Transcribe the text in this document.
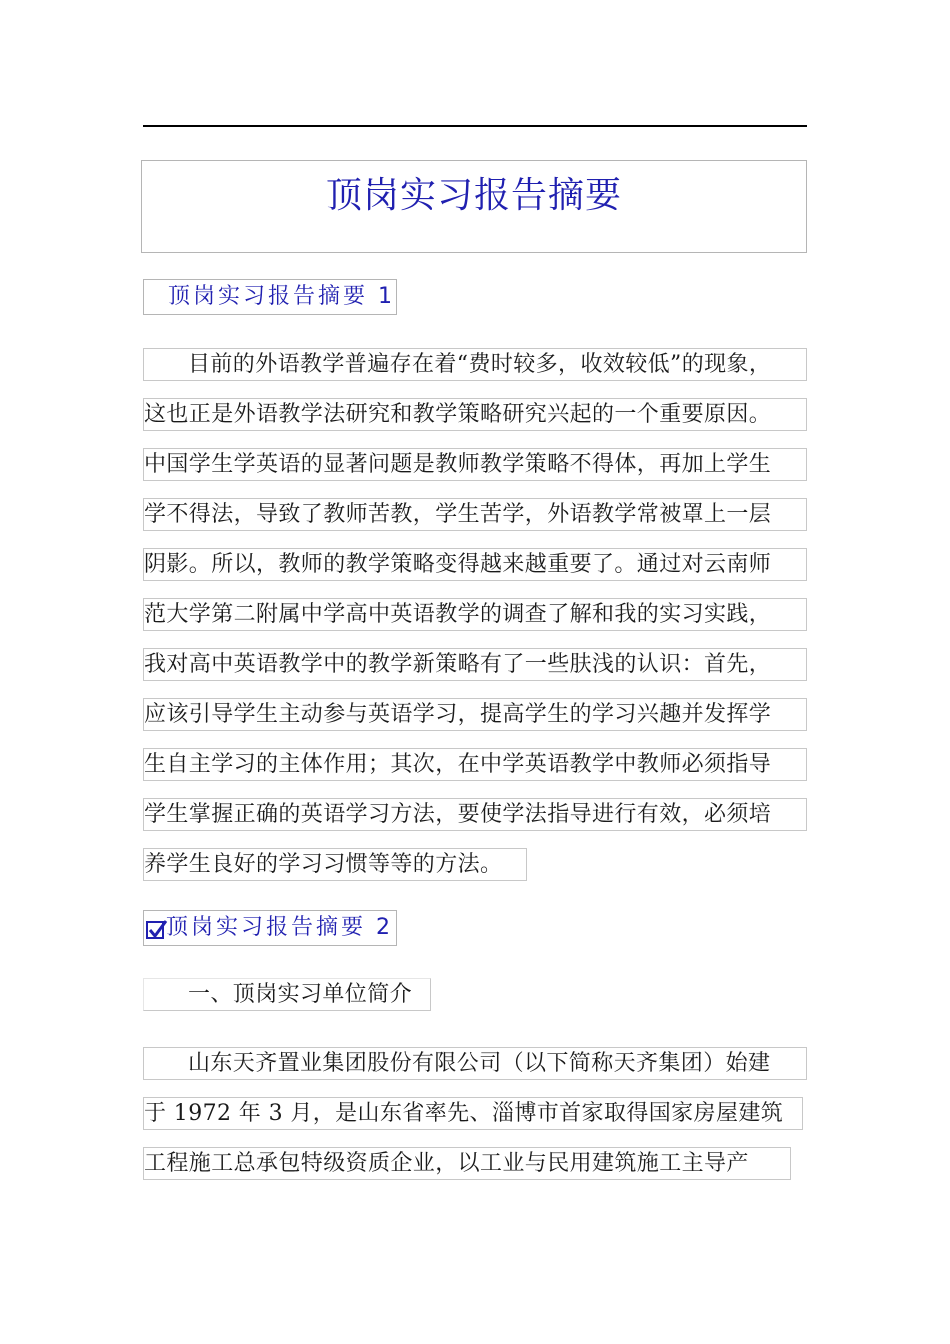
顶岗实习报告摘要
顶岗实习报告摘要 1
目前的外语教学普遍存在着“费时较多，收效较低”的现象，
这也正是外语教学法研究和教学策略研究兴起的一个重要原因。
中国学生学英语的显著问题是教师教学策略不得体，再加上学生
学不得法，导致了教师苦教，学生苦学，外语教学常被罩上一层
阴影。所以，教师的教学策略变得越来越重要了。通过对云南师
范大学第二附属中学高中英语教学的调查了解和我的实习实践，
我对高中英语教学中的教学新策略有了一些肤浅的认识：首先，
应该引导学生主动参与英语学习，提高学生的学习兴趣并发挥学
生自主学习的主体作用；其次，在中学英语教学中教师必须指导
学生掌握正确的英语学习方法，要使学法指导进行有效，必须培
养学生良好的学习习惯等等的方法。
顶岗实习报告摘要 2
一、顶岗实习单位简介
山东天齐置业集团股份有限公司（以下简称天齐集团）始建
于 1972 年 3 月，是山东省率先、淄博市首家取得国家房屋建筑
工程施工总承包特级资质企业，以工业与民用建筑施工主导产
